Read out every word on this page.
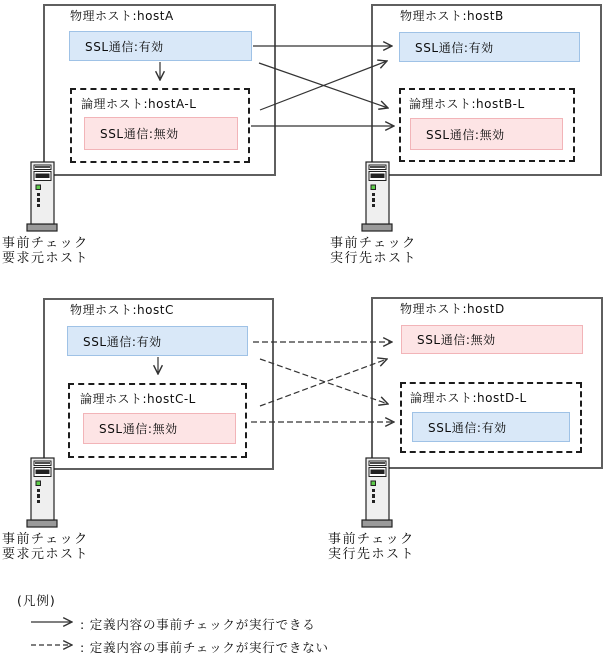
物理ホスト:hostA
SSL通信:有効
論理ホスト:hostA-L
SSL通信:無効
物理ホスト:hostB
SSL通信:有効
論理ホスト:hostB-L
SSL通信:無効
事前チェック
要求元ホスト
事前チェック
実行先ホスト
物理ホスト:hostC
SSL通信:有効
論理ホスト:hostC-L
SSL通信:無効
物理ホスト:hostD
SSL通信:無効
論理ホスト:hostD-L
SSL通信:有効
事前チェック
要求元ホスト
事前チェック
実行先ホスト
(凡例)
: 定義内容の事前チェックが実行できる
: 定義内容の事前チェックが実行できない
